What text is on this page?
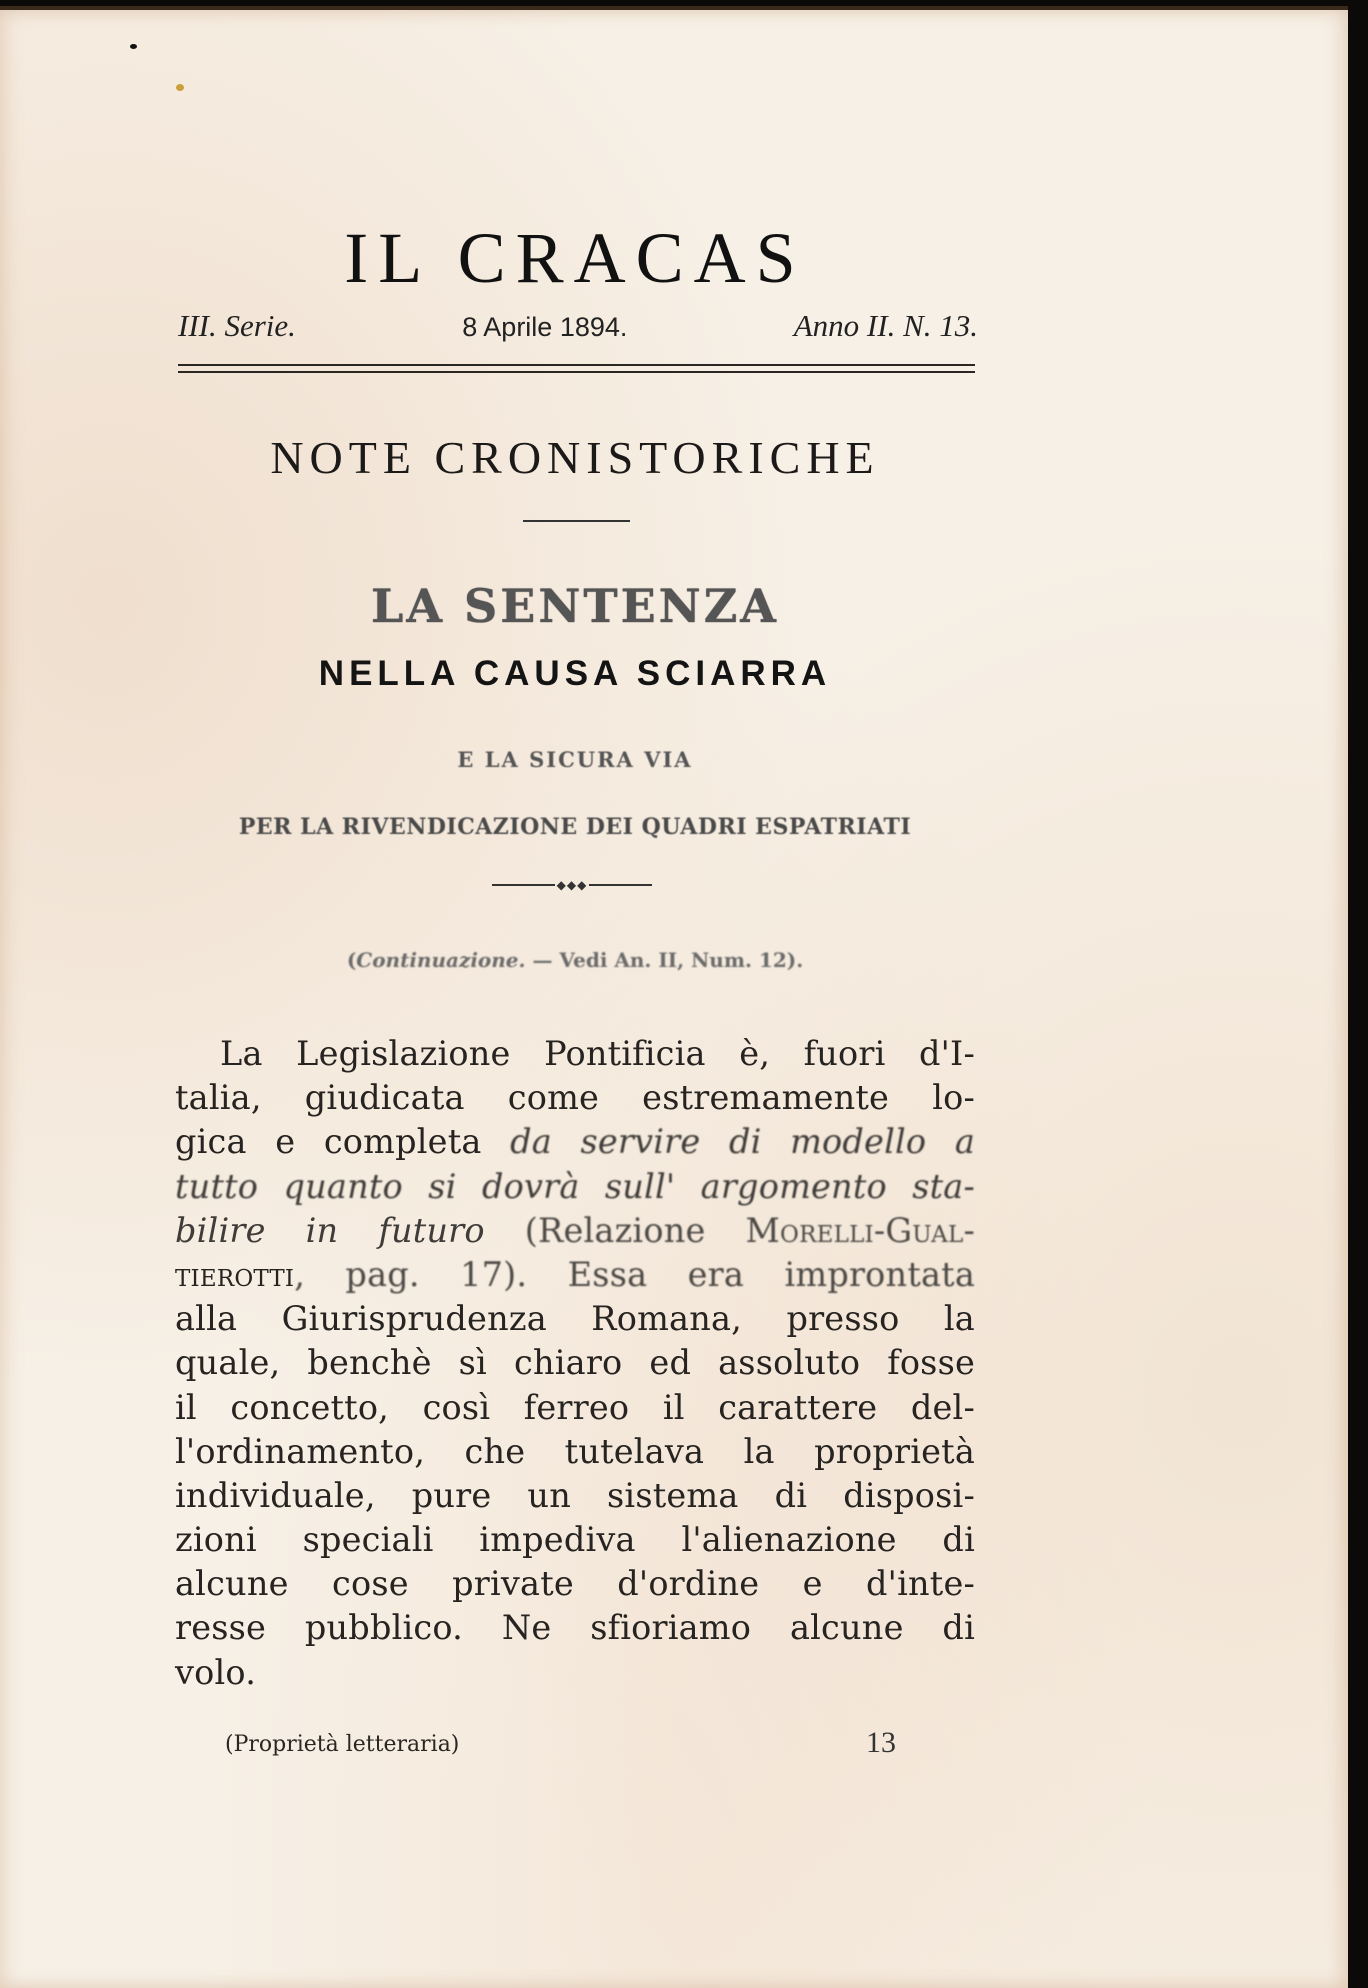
IL CRACAS
III. Serie.	8 Aprile 1894.	Anno II. N. 13.
NOTE CRONISTORICHE
LA SENTENZA
NELLA CAUSA SCIARRA
E LA SICURA VIA
PER LA RIVENDICAZIONE DEI QUADRI ESPATRIATI
◆◆◆
(Continuazione. — Vedi An. II, Num. 12).
La Legislazione Pontificia è, fuori d'I-
talia, giudicata come estremamente lo-
gica e completa da servire di modello a
tutto quanto si dovrà sull' argomento sta-
bilire in futuro (Relazione Morelli-Gual-
tierotti, pag. 17). Essa era improntata
alla Giurisprudenza Romana, presso la
quale, benchè sì chiaro ed assoluto fosse
il concetto, così ferreo il carattere del-
l'ordinamento, che tutelava la proprietà
individuale, pure un sistema di disposi-
zioni speciali impediva l'alienazione di
alcune cose private d'ordine e d'inte-
resse pubblico. Ne sfioriamo alcune di
volo.
(Proprietà letteraria)	13
